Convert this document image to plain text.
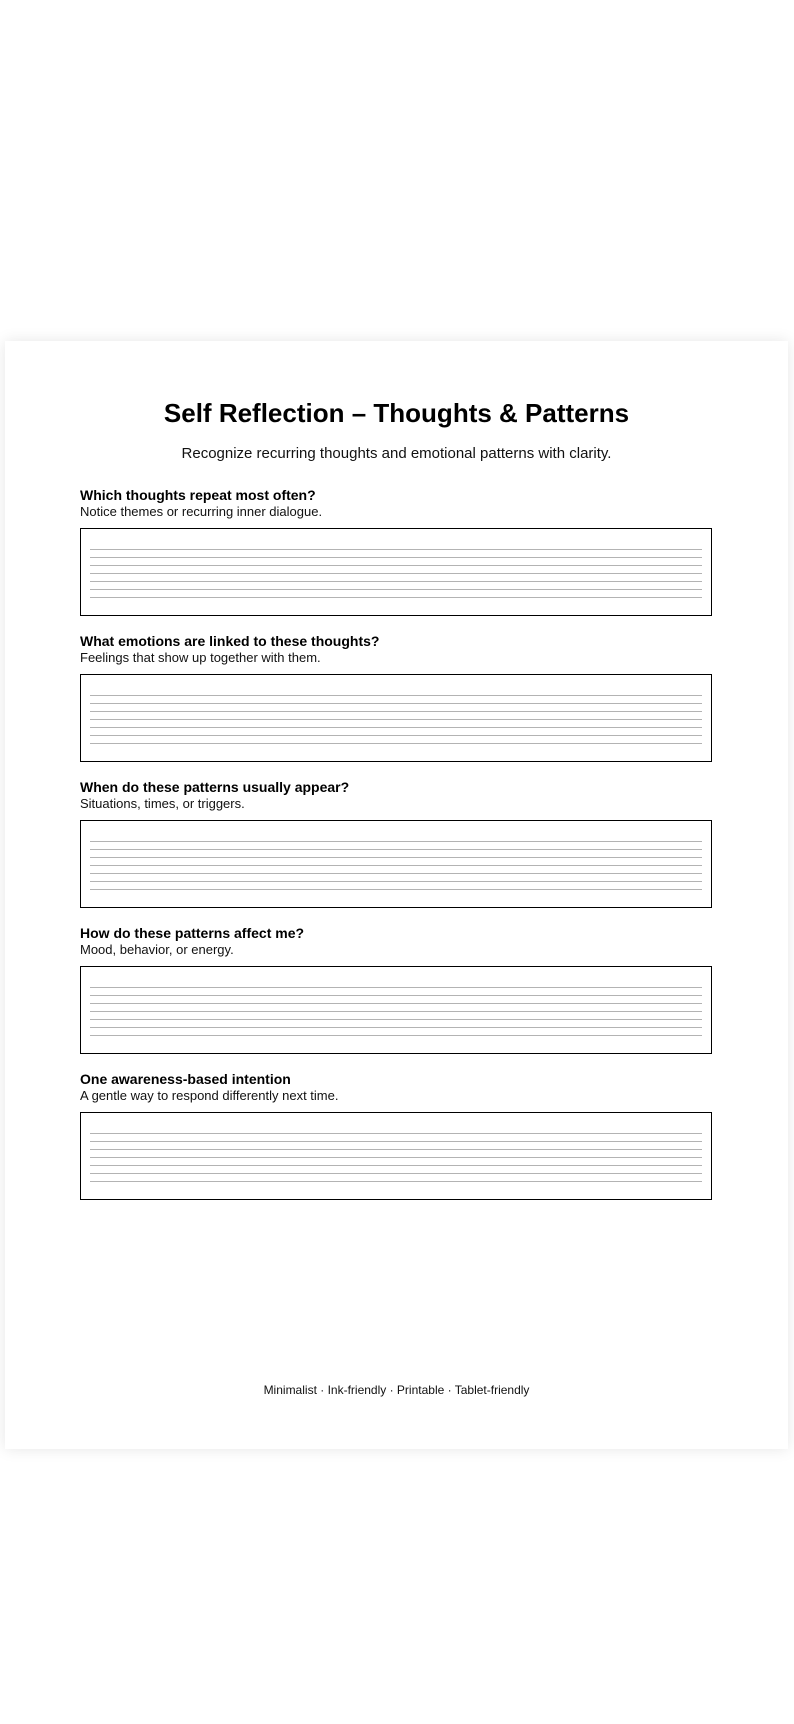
Self Reflection – Thoughts & Patterns

Recognize recurring thoughts and emotional patterns with clarity.

Which thoughts repeat most often?

Notice themes or recurring inner dialogue.

What emotions are linked to these thoughts?

Feelings that show up together with them.

When do these patterns usually appear?

Situations, times, or triggers.

How do these patterns affect me?

Mood, behavior, or energy.

One awareness-based intention

A gentle way to respond differently next time.

Minimalist · Ink-friendly · Printable · Tablet-friendly
